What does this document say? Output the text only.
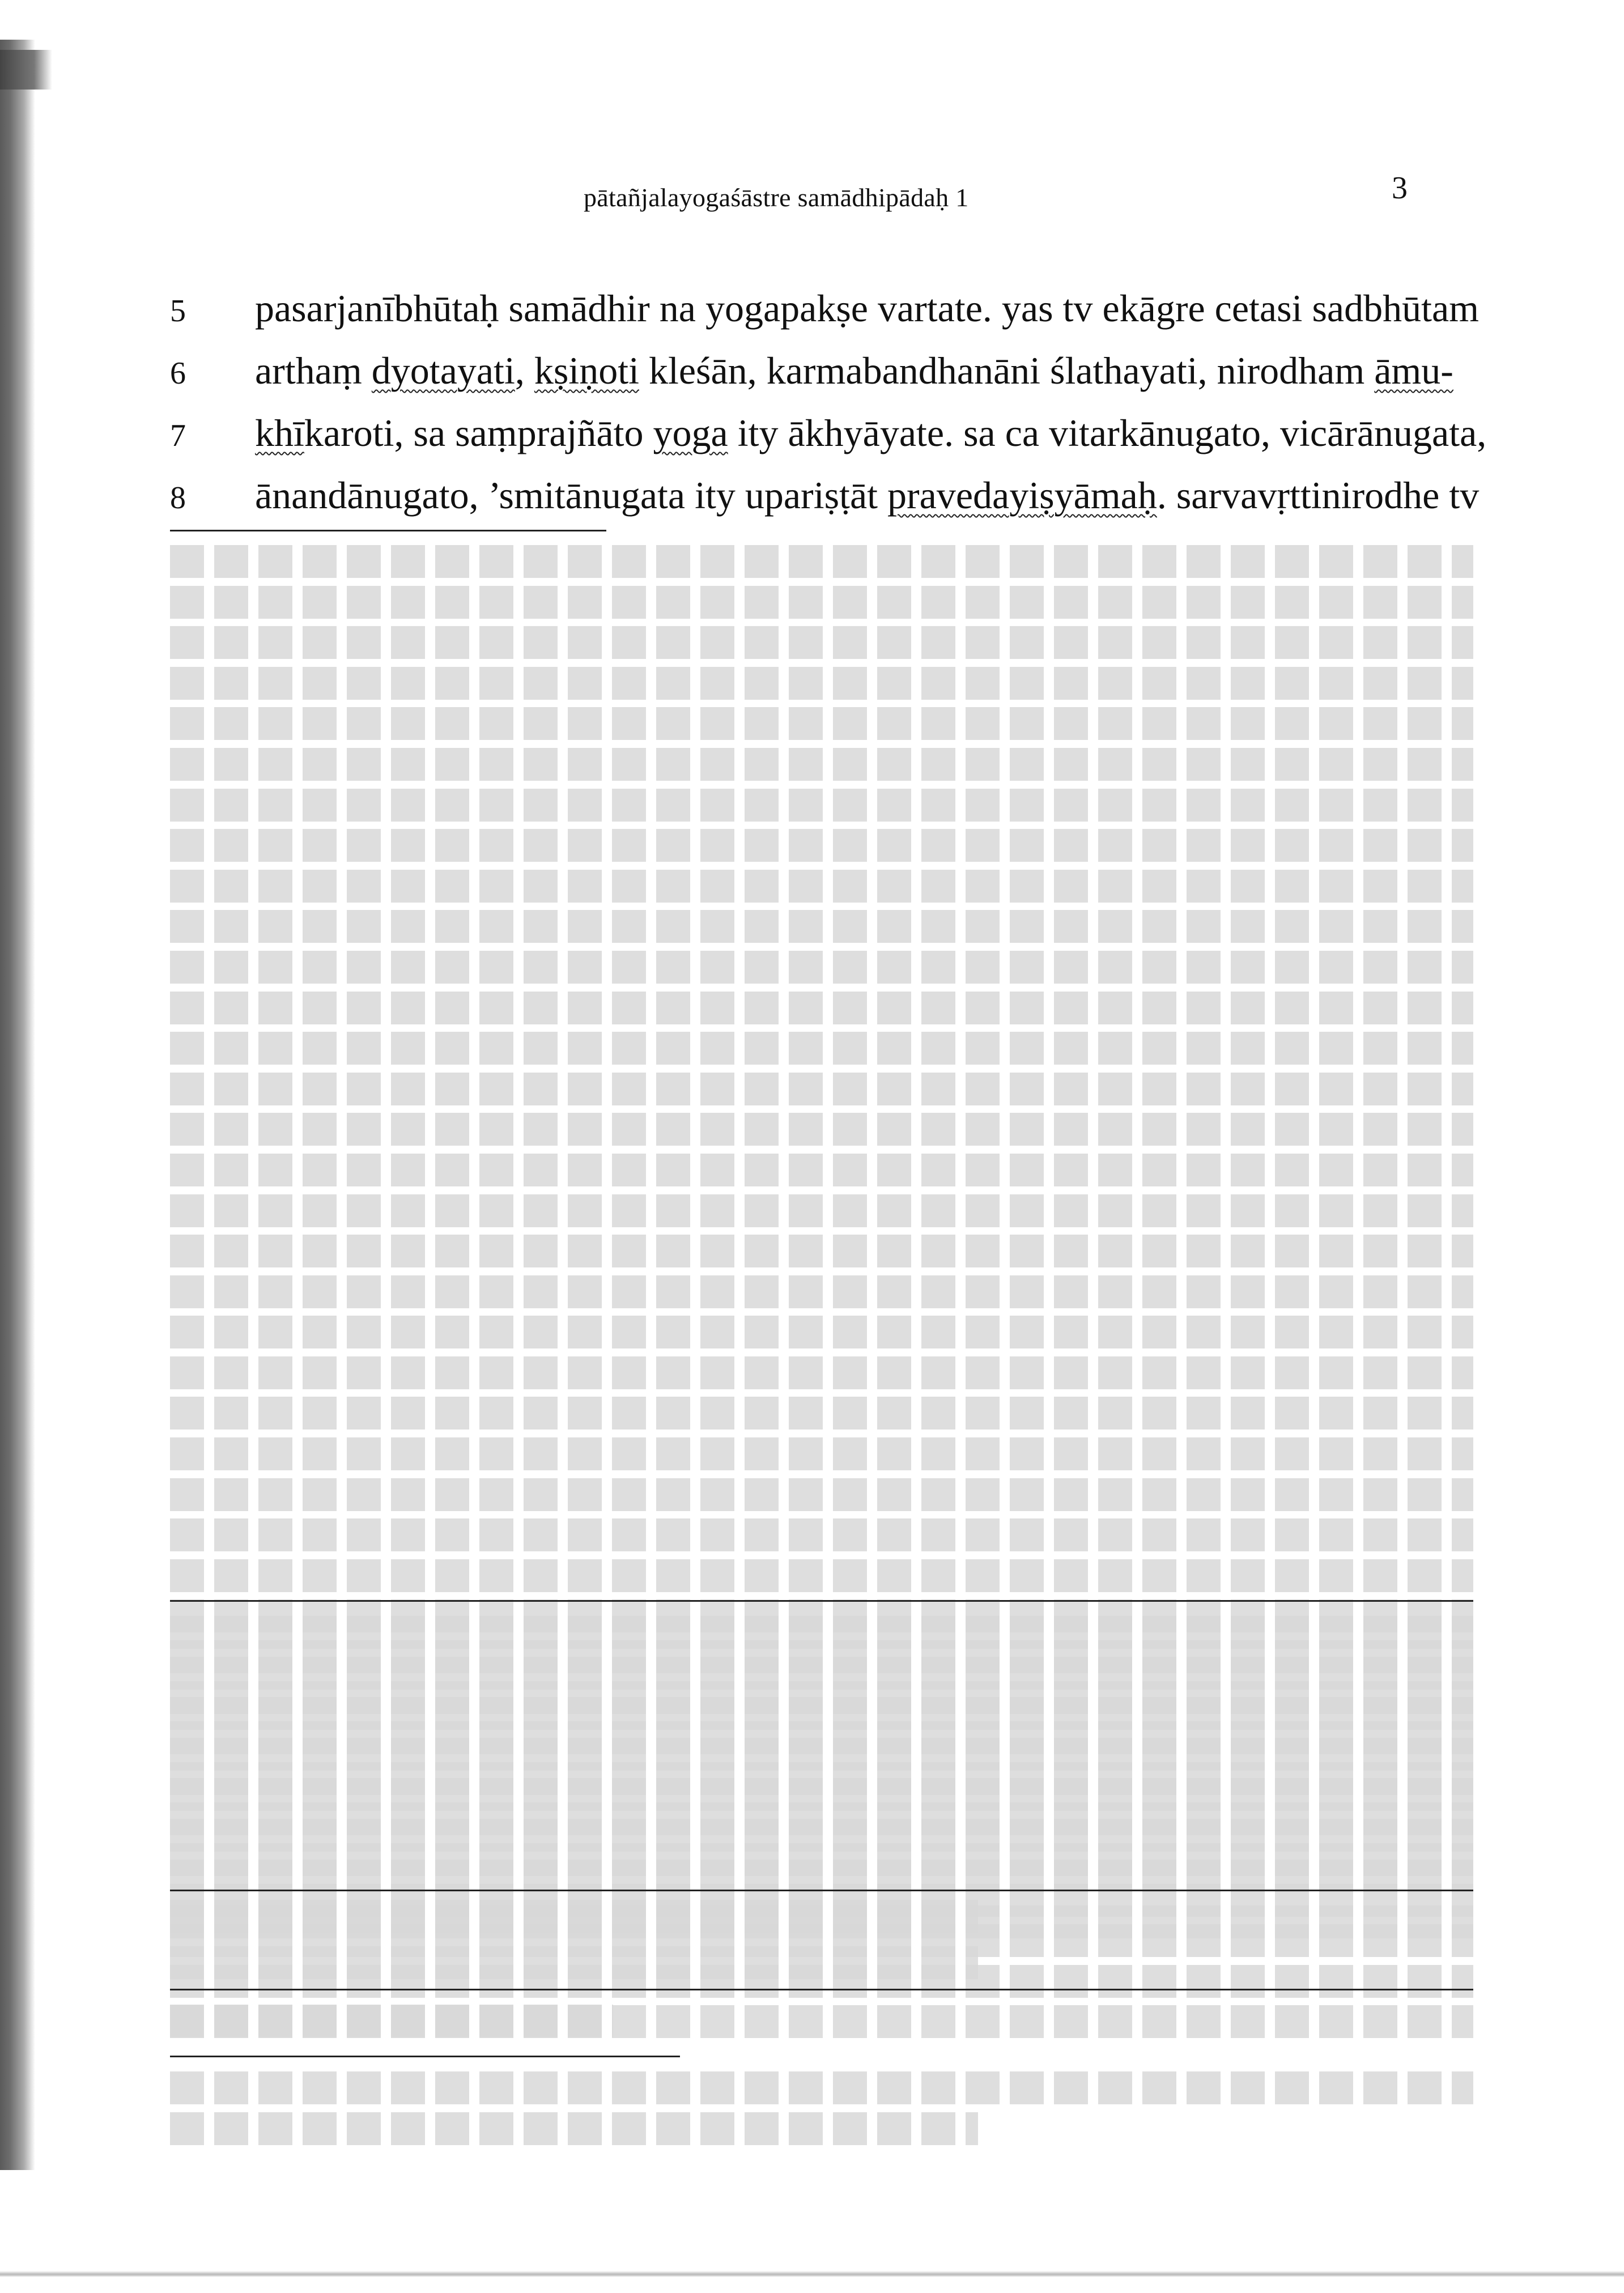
pātañjalayogaśāstre samādhipādaḥ 1	3
5	pasarjanībhūtaḥ samādhir na yogapakṣe vartate. yas tv ekāgre cetasi sadbhūtam
6	arthaṃ dyotayati, kṣiṇoti kleśān, karmabandhanāni ślathayati, nirodham āmu-
7	khīkaroti, sa saṃprajñāto yoga ity ākhyāyate. sa ca vitarkānugato, vicārānugata,
8	ānandānugato, ’smitānugata ity upariṣṭāt pravedayiṣyāmaḥ. sarvavṛttinirodhe tv
